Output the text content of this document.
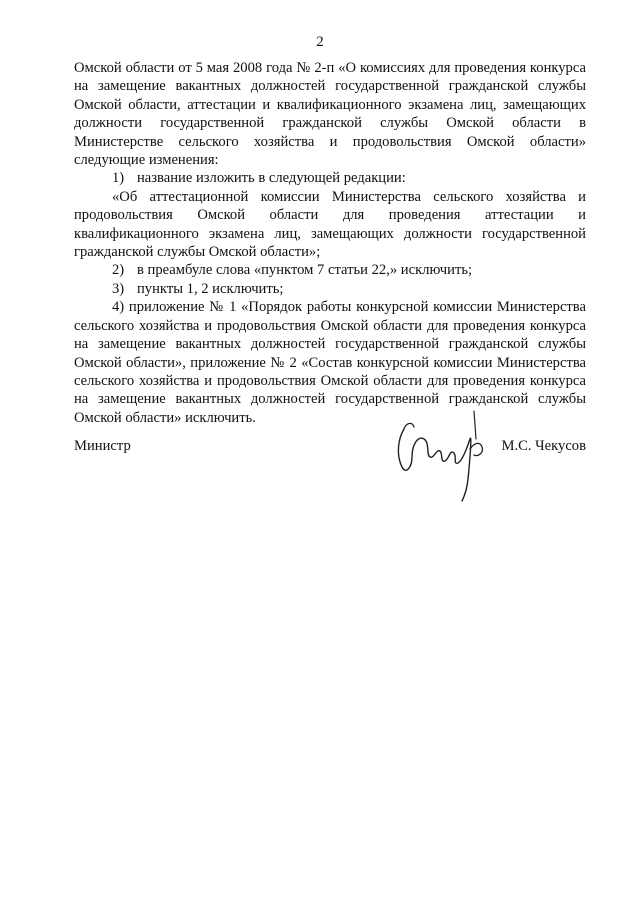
2

Омской области от 5 мая 2008 года № 2-п «О комиссиях для проведения конкурса на замещение вакантных должностей государственной гражданской службы Омской области, аттестации и квалификационного экзамена лиц, замещающих должности государственной гражданской службы Омской области в Министерстве сельского хозяйства и продовольствия Омской области» следующие изменения:

1) название изложить в следующей редакции:

«Об аттестационной комиссии Министерства сельского хозяйства и продовольствия Омской области для проведения аттестации и квалификационного экзамена лиц, замещающих должности государственной гражданской службы Омской области»;

2) в преамбуле слова «пунктом 7 статьи 22,» исключить;
3) пункты 1, 2 исключить;

4) приложение № 1 «Порядок работы конкурсной комиссии Министерства сельского хозяйства и продовольствия Омской области для проведения конкурса на замещение вакантных должностей государственной гражданской службы Омской области», приложение № 2 «Состав конкурсной комиссии Министерства сельского хозяйства и продовольствия Омской области для проведения конкурса на замещение вакантных должностей государственной гражданской службы Омской области» исключить.

Министр	М.С. Чекусов
